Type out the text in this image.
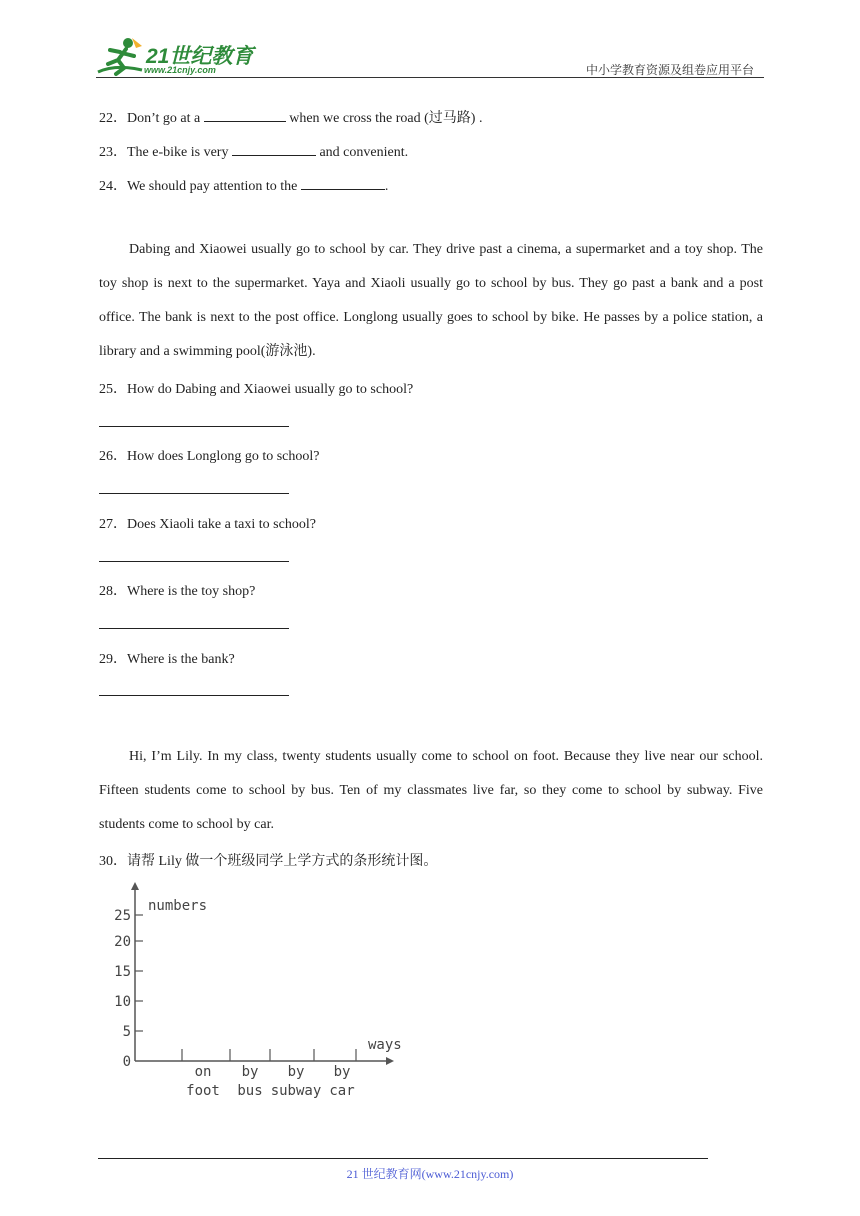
21世纪教育
www.21cnjy.com	中小学教育资源及组卷应用平台
22．Don’t go at a	when we cross the road (过马路) .
23．The e-bike is very	and convenient.
24．We should pay attention to the	.
Dabing and Xiaowei usually go to school by car. They drive past a cinema, a supermarket and a toy shop. The toy shop is next to the supermarket. Yaya and Xiaoli usually go to school by bus. They go past a bank and a post office. The bank is next to the post office. Longlong usually goes to school by bike. He passes by a police station, a library and a swimming pool(游泳池).
25．How do Dabing and Xiaowei usually go to school?
26．How does Longlong go to school?
27．Does Xiaoli take a taxi to school?
28．Where is the toy shop?
29．Where is the bank?
Hi, I’m Lily. In my class, twenty students usually come to school on foot. Because they live near our school. Fifteen students come to school by bus. Ten of my classmates live far, so they come to school by subway. Five students come to school by car.
30．请帮 Lily 做一个班级同学上学方式的条形统计图。
numbers
ways
0
5
10
15
20
25
on
foot
by
bus
by
subway
by
car
21 世纪教育网(www.21cnjy.com)
